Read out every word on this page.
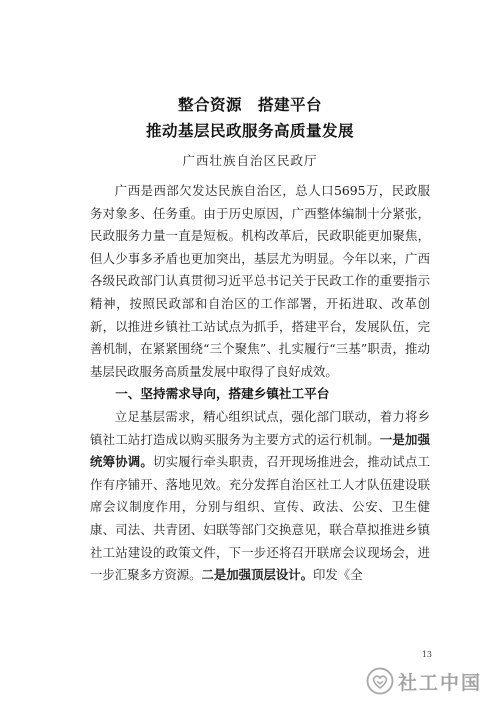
整合资源　搭建平台
推动基层民政服务高质量发展
广西壮族自治区民政厅

广西是西部欠发达民族自治区，总人口5695万，民政服务对象多、任务重。由于历史原因，广西整体编制十分紧张，民政服务力量一直是短板。机构改革后，民政职能更加聚焦，但人少事多矛盾也更加突出，基层尤为明显。今年以来，广西各级民政部门认真贯彻习近平总书记关于民政工作的重要指示精神，按照民政部和自治区的工作部署，开拓进取、改革创新，以推进乡镇社工站试点为抓手，搭建平台，发展队伍，完善机制，在紧紧围绕“三个聚焦”、扎实履行“三基”职责，推动基层民政服务高质量发展中取得了良好成效。

一、坚持需求导向，搭建乡镇社工平台

立足基层需求，精心组织试点，强化部门联动，着力将乡镇社工站打造成以购买服务为主要方式的运行机制。一是加强统筹协调。切实履行牵头职责，召开现场推进会，推动试点工作有序铺开、落地见效。充分发挥自治区社工人才队伍建设联席会议制度作用，分别与组织、宣传、政法、公安、卫生健康、司法、共青团、妇联等部门交换意见，联合草拟推进乡镇社工站建设的政策文件，下一步还将召开联席会议现场会，进一步汇聚多方资源。二是加强顶层设计。印发《全

13
社工中国
